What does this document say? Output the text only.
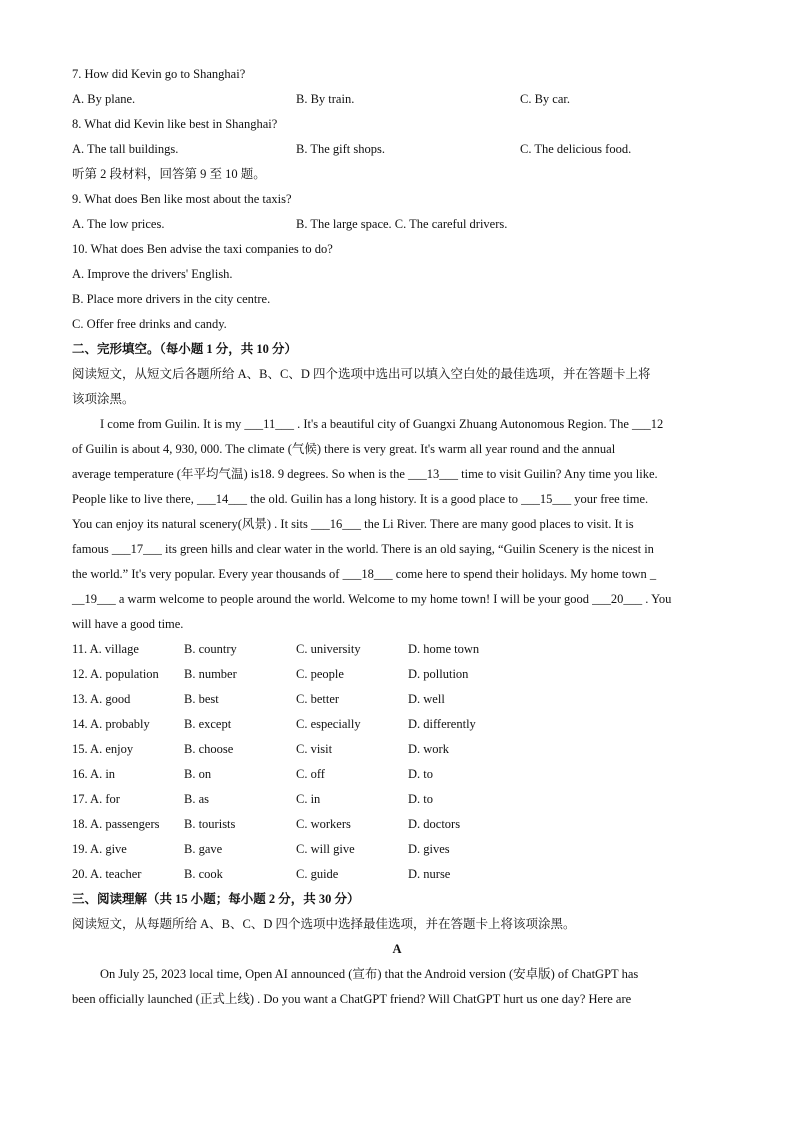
7. How did Kevin go to Shanghai?
A. By plane.	B. By train.	C. By car.
8. What did Kevin like best in Shanghai?
A. The tall buildings.	B. The gift shops.	C. The delicious food.
听第 2 段材料，回答第 9 至 10 题。
9. What does Ben like most about the taxis?
A. The low prices.	B. The large space. C. The careful drivers.
10. What does Ben advise the taxi companies to do?
A. Improve the drivers' English.
B. Place more drivers in the city centre.
C. Offer free drinks and candy.
二、完形填空。（每小题 1 分，共 10 分）
阅读短文，从短文后各题所给 A、B、C、D 四个选项中选出可以填入空白处的最佳选项，并在答题卡上将
该项涂黑。
I come from Guilin. It is my ___11___ . It's a beautiful city of Guangxi Zhuang Autonomous Region. The ___12
of Guilin is about 4, 930, 000. The climate (气候) there is very great. It's warm all year round and the annual
average temperature (年平均气温) is18. 9 degrees. So when is the ___13___ time to visit Guilin? Any time you like.
People like to live there, ___14___ the old. Guilin has a long history. It is a good place to ___15___ your free time.
You can enjoy its natural scenery(风景) . It sits ___16___ the Li River. There are many good places to visit. It is
famous ___17___ its green hills and clear water in the world. There is an old saying, “Guilin Scenery is the nicest in
the world.” It's very popular. Every year thousands of ___18___ come here to spend their holidays. My home town _
__19___ a warm welcome to people around the world. Welcome to my home town! I will be your good ___20___ . You
will have a good time.
11. A. village	B. country	C. university	D. home town
12. A. population B. number	C. people	D. pollution
13. A. good	B. best	C. better	D. well
14. A. probably	B. except	C. especially	D. differently
15. A. enjoy	B. choose	C. visit	D. work
16. A. in	B. on	C. off	D. to
17. A. for	B. as	C. in	D. to
18. A. passengers B. tourists	C. workers	D. doctors
19. A. give	B. gave	C. will give	D. gives
20. A. teacher	B. cook	C. guide	D. nurse
三、阅读理解（共 15 小题；每小题 2 分，共 30 分）
阅读短文，从每题所给 A、B、C、D 四个选项中选择最佳选项，并在答题卡上将该项涂黑。
A
On July 25, 2023 local time, Open AI announced (宣布) that the Android version (安卓版) of ChatGPT has
been officially launched (正式上线) . Do you want a ChatGPT friend? Will ChatGPT hurt us one day? Here are
